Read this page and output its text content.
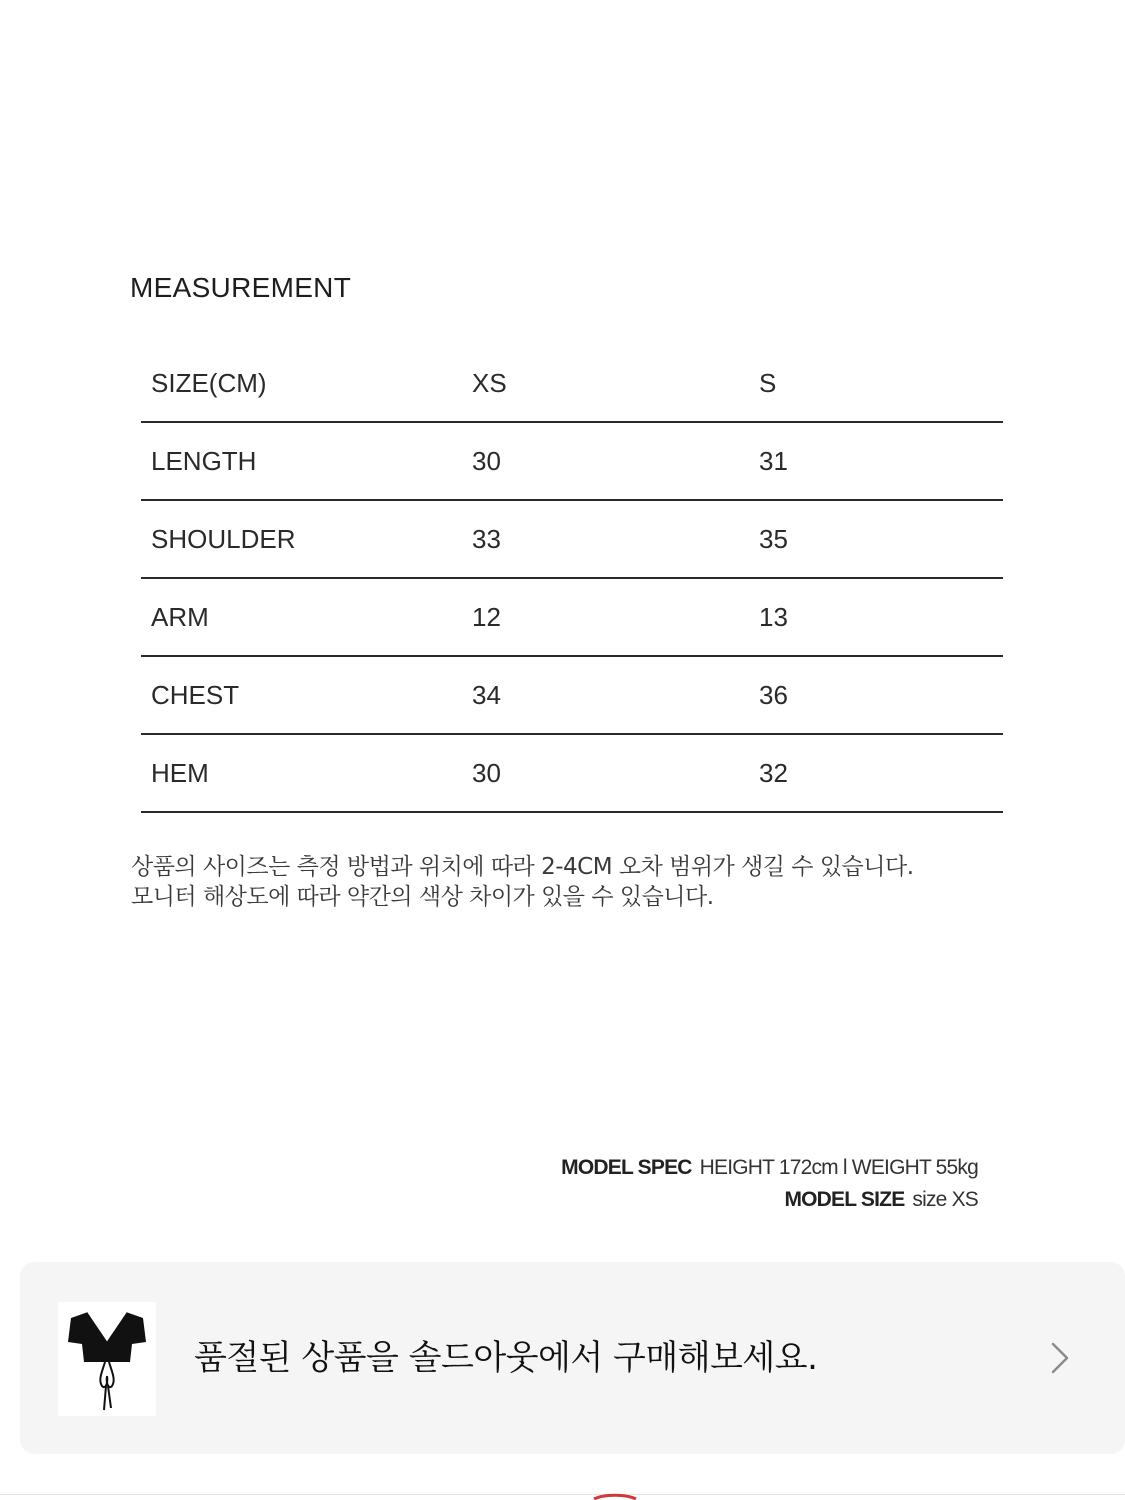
MEASUREMENT
SIZE(CM)	XS	S
LENGTH	30	31
SHOULDER	33	35
ARM	12	13
CHEST	34	36
HEM	30	32
상품의 사이즈는 측정 방법과 위치에 따라 2-4CM 오차 범위가 생길 수 있습니다.
모니터 해상도에 따라 약간의 색상 차이가 있을 수 있습니다.
MODEL SPEC HEIGHT 172cm l WEIGHT 55kg
MODEL SIZE size XS
품절된 상품을 솔드아웃에서 구매해보세요.
